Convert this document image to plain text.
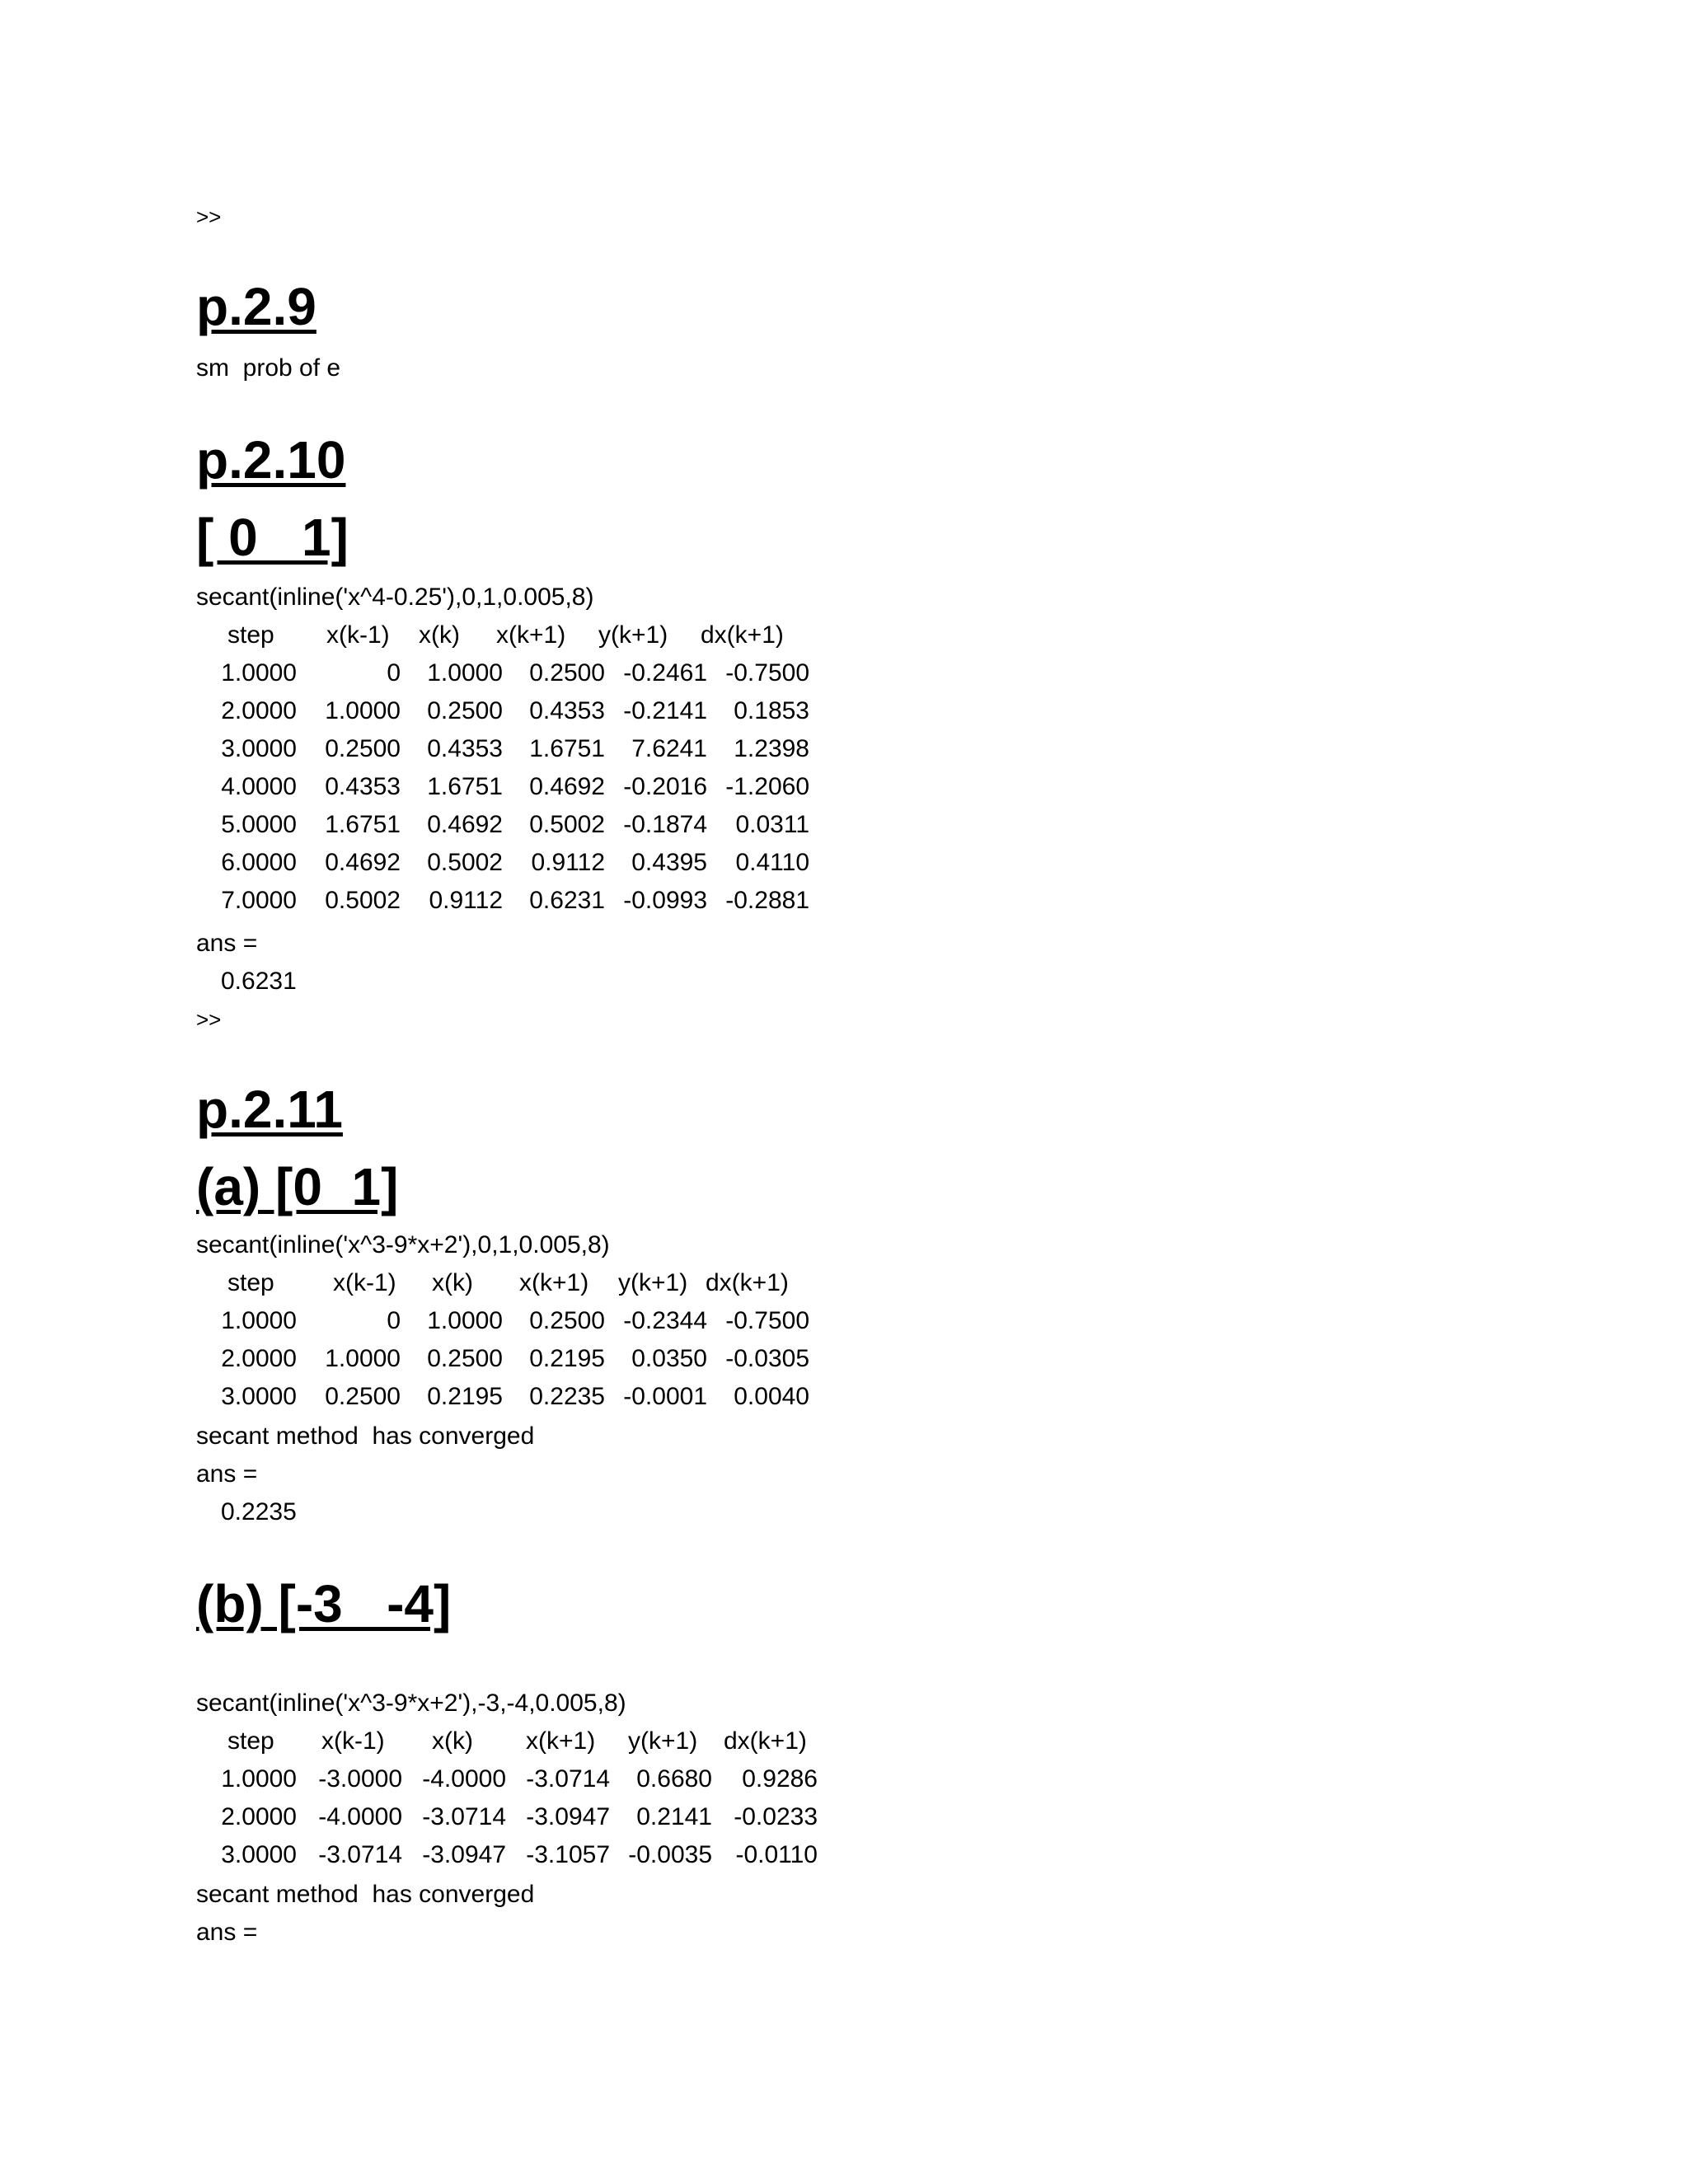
>>
p.2.9
sm  prob of e
p.2.10
[ 0   1]
secant(inline('x^4-0.25'),0,1,0.005,8)
step x(k-1) x(k) x(k+1) y(k+1) dx(k+1)
1.0000	0 1.0000 0.2500 -0.2461 -0.7500
2.0000 1.0000 0.2500 0.4353 -0.2141 0.1853
3.0000 0.2500 0.4353 1.6751 7.6241 1.2398
4.0000 0.4353 1.6751 0.4692 -0.2016 -1.2060
5.0000 1.6751 0.4692 0.5002 -0.1874 0.0311
6.0000 0.4692 0.5002 0.9112 0.4395 0.4110
7.0000 0.5002 0.9112 0.6231 -0.0993 -0.2881
ans =
0.6231
>>
p.2.11
(a) [0  1]
secant(inline('x^3-9*x+2'),0,1,0.005,8)
step x(k-1) x(k) x(k+1) y(k+1) dx(k+1)
1.0000	0 1.0000 0.2500 -0.2344 -0.7500
2.0000 1.0000 0.2500 0.2195 0.0350 -0.0305
3.0000 0.2500 0.2195 0.2235 -0.0001 0.0040
secant method  has converged
ans =
0.2235
(b) [-3   -4]
secant(inline('x^3-9*x+2'),-3,-4,0.005,8)
step x(k-1) x(k) x(k+1) y(k+1) dx(k+1)
1.0000 -3.0000 -4.0000 -3.0714 0.6680 0.9286
2.0000 -4.0000 -3.0714 -3.0947 0.2141 -0.0233
3.0000 -3.0714 -3.0947 -3.1057 -0.0035 -0.0110
secant method  has converged
ans =
